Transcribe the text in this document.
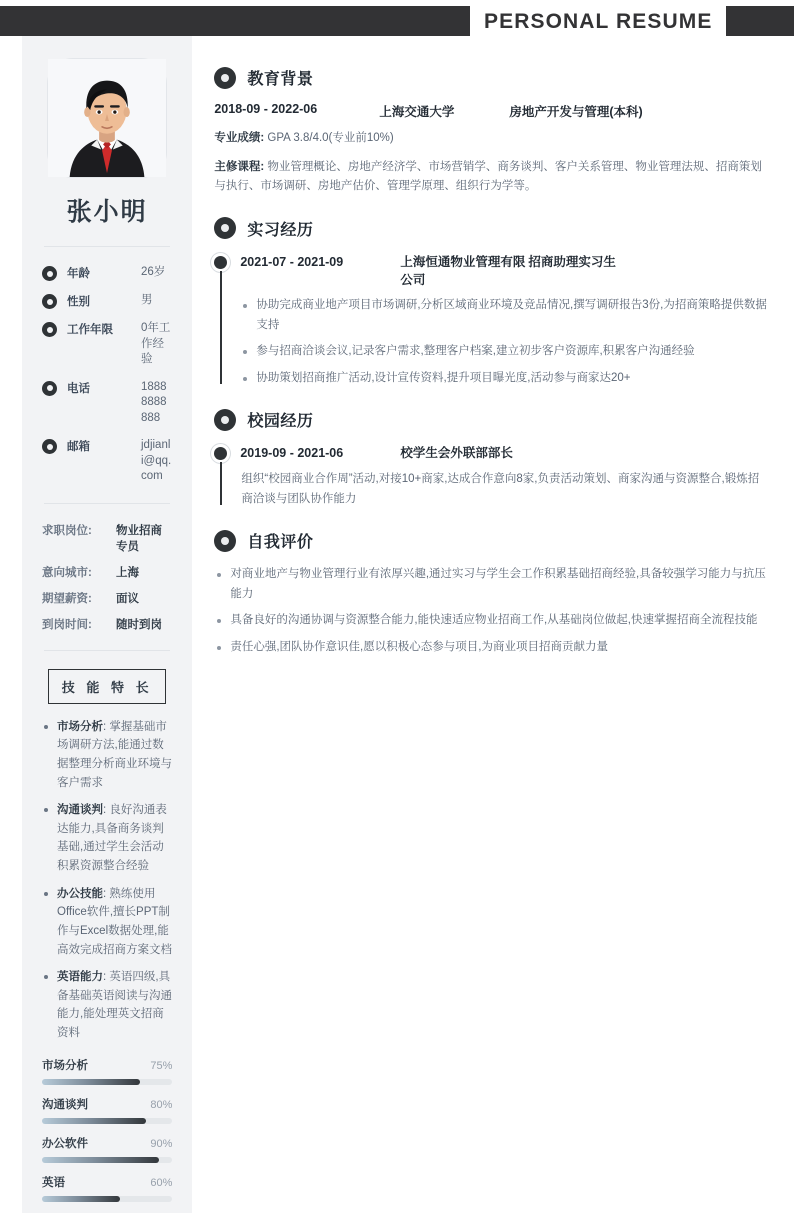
PERSONAL RESUME
张小明
年龄	26岁
性别	男
工作年限	0年工作经验
电话	18888888888
邮箱	jdjianli@qq.com
求职岗位:	物业招商专员
意向城市:	上海
期望薪资:	面议
到岗时间:	随时到岗
技 能 特 长
市场分析: 掌握基础市场调研方法,能通过数据整理分析商业环境与客户需求
沟通谈判: 良好沟通表达能力,具备商务谈判基础,通过学生会活动积累资源整合经验
办公技能: 熟练使用Office软件,擅长PPT制作与Excel数据处理,能高效完成招商方案文档
英语能力: 英语四级,具备基础英语阅读与沟通能力,能处理英文招商资料
市场分析	75%
沟通谈判	80%
办公软件	90%
英语	60%
教育背景
2018-09 - 2022-06	上海交通大学	房地产开发与管理(本科)
专业成绩: GPA 3.8/4.0(专业前10%)
主修课程: 物业管理概论、房地产经济学、市场营销学、商务谈判、客户关系管理、物业管理法规、招商策划与执行、市场调研、房地产估价、管理学原理、组织行为学等。
实习经历
2021-07 - 2021-09	上海恒通物业管理有限公司
招商助理实习生
协助完成商业地产项目市场调研,分析区域商业环境及竞品情况,撰写调研报告3份,为招商策略提供数据支持
参与招商洽谈会议,记录客户需求,整理客户档案,建立初步客户资源库,积累客户沟通经验
协助策划招商推广活动,设计宣传资料,提升项目曝光度,活动参与商家达20+
校园经历
2019-09 - 2021-06	校学生会外联部部长
组织“校园商业合作周”活动,对接10+商家,达成合作意向8家,负责活动策划、商家沟通与资源整合,锻炼招商洽谈与团队协作能力
自我评价
对商业地产与物业管理行业有浓厚兴趣,通过实习与学生会工作积累基础招商经验,具备较强学习能力与抗压能力
具备良好的沟通协调与资源整合能力,能快速适应物业招商工作,从基础岗位做起,快速掌握招商全流程技能
责任心强,团队协作意识佳,愿以积极心态参与项目,为商业项目招商贡献力量
